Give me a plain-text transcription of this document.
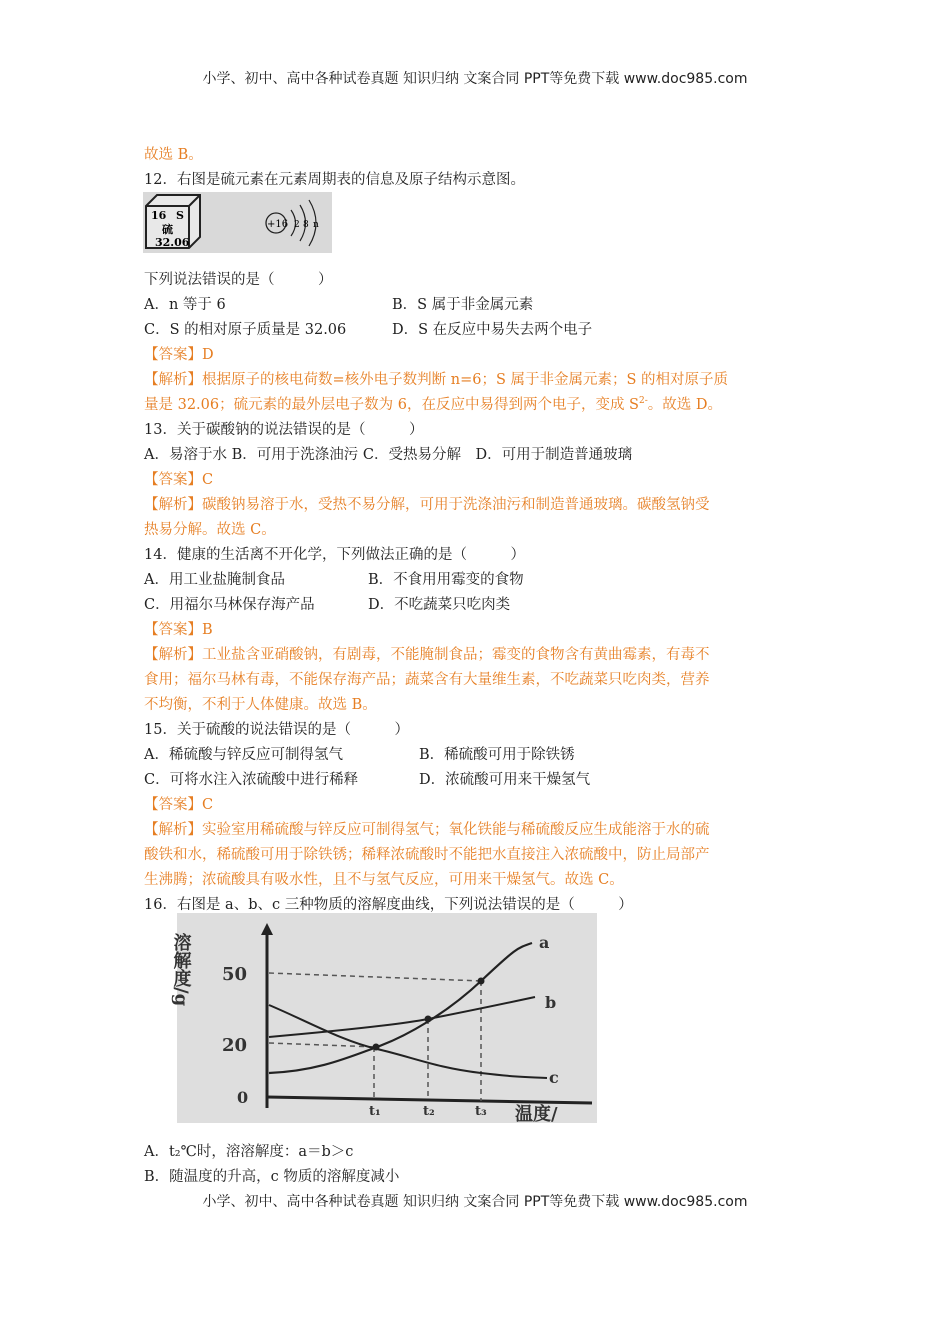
小学、初中、高中各种试卷真题 知识归纳 文案合同 PPT等免费下载 www.doc985.com
故选 B。
12．右图是硫元素在元素周期表的信息及原子结构示意图。
16 S
硫
32.06
+16 2 8 n
下列说法错误的是（　　　）
A．n 等于 6	B．S 属于非金属元素
C．S 的相对原子质量是 32.06	D．S 在反应中易失去两个电子
【答案】D
【解析】根据原子的核电荷数=核外电子数判断 n=6；S 属于非金属元素；S 的相对原子质
量是 32.06；硫元素的最外层电子数为 6，在反应中易得到两个电子，变成 $S^{2-}$。故选 D。
13．关于碳酸钠的说法错误的是（　　　）
A．易溶于水 B．可用于洗涤油污 C．受热易分解　D．可用于制造普通玻璃
【答案】C
【解析】碳酸钠易溶于水，受热不易分解，可用于洗涤油污和制造普通玻璃。碳酸氢钠受
热易分解。故选 C。
14．健康的生活离不开化学，下列做法正确的是（　　　）
A．用工业盐腌制食品	B．不食用用霉变的食物
C．用福尔马林保存海产品	D．不吃蔬菜只吃肉类
【答案】B
【解析】工业盐含亚硝酸钠，有剧毒，不能腌制食品；霉变的食物含有黄曲霉素，有毒不
食用；福尔马林有毒，不能保存海产品；蔬菜含有大量维生素，不吃蔬菜只吃肉类，营养
不均衡，不利于人体健康。故选 B。
15．关于硫酸的说法错误的是（　　　）
A．稀硫酸与锌反应可制得氢气	B．稀硫酸可用于除铁锈
C．可将水注入浓硫酸中进行稀释	D．浓硫酸可用来干燥氢气
【答案】C
【解析】实验室用稀硫酸与锌反应可制得氢气；氧化铁能与稀硫酸反应生成能溶于水的硫
酸铁和水，稀硫酸可用于除铁锈；稀释浓硫酸时不能把水直接注入浓硫酸中，防止局部产
生沸腾；浓硫酸具有吸水性，且不与氢气反应，可用来干燥氢气。故选 C。
16．右图是 a、b、c 三种物质的溶解度曲线，下列说法错误的是（　　　）
溶解度/g
0
20
50
a
b
c
t₁	t₂	t₃ 温度/
A．t₂℃时，溶溶解度：a＝b＞c
B．随温度的升高，c 物质的溶解度减小
小学、初中、高中各种试卷真题 知识归纳 文案合同 PPT等免费下载 www.doc985.com
